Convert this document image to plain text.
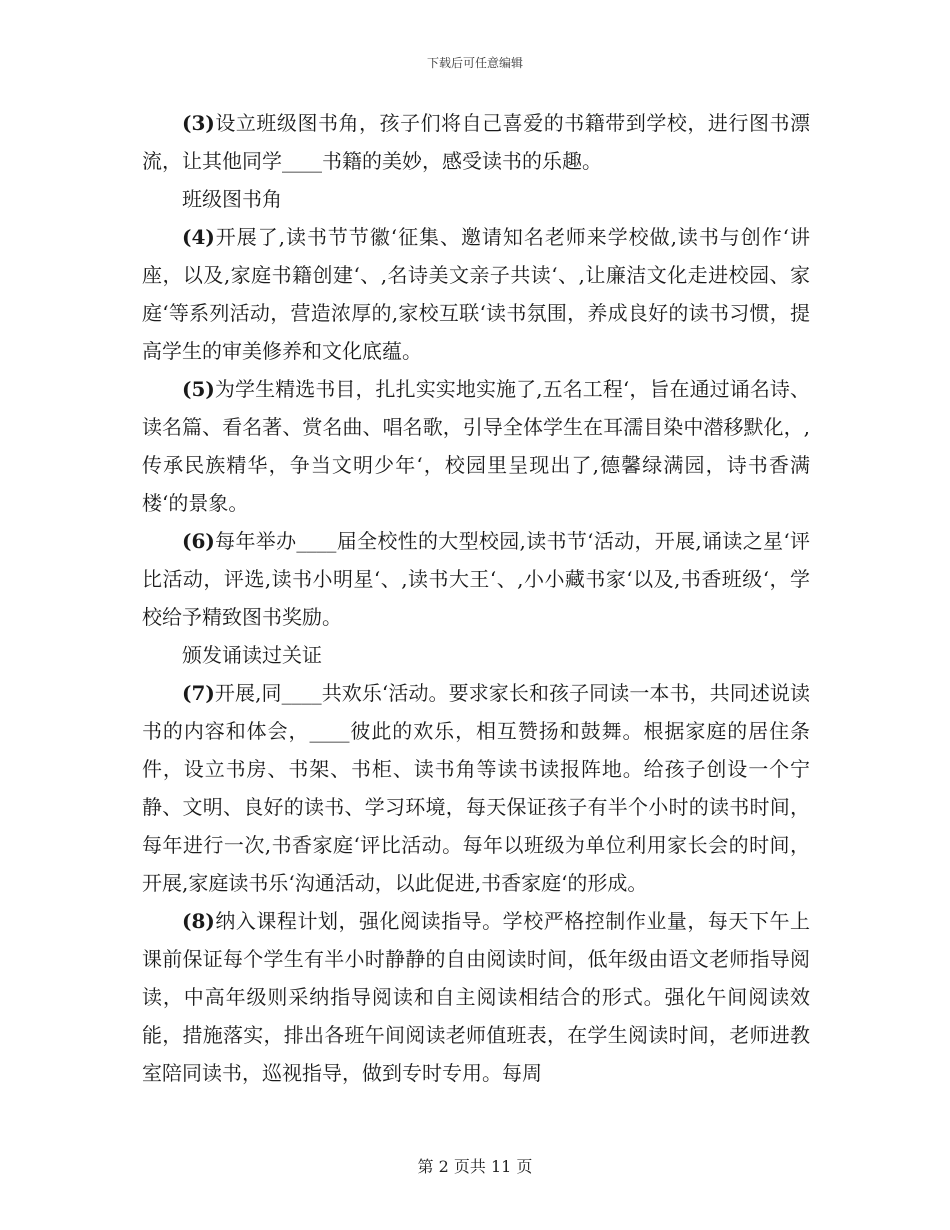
下载后可任意编辑

(3)设立班级图书角，孩子们将自己喜爱的书籍带到学校，进行图书漂流，让其他同学____书籍的美妙，感受读书的乐趣。

班级图书角

(4)开展了,读书节节徽‘征集、邀请知名老师来学校做,读书与创作‘讲座，以及,家庭书籍创建‘、,名诗美文亲子共读‘、,让廉洁文化走进校园、家庭‘等系列活动，营造浓厚的,家校互联‘读书氛围，养成良好的读书习惯，提高学生的审美修养和文化底蕴。

(5)为学生精选书目，扎扎实实地实施了,五名工程‘，旨在通过诵名诗、读名篇、看名著、赏名曲、唱名歌，引导全体学生在耳濡目染中潜移默化，,传承民族精华，争当文明少年‘，校园里呈现出了,德馨绿满园，诗书香满楼‘的景象。

(6)每年举办____届全校性的大型校园,读书节‘活动，开展,诵读之星‘评比活动，评选,读书小明星‘、,读书大王‘、,小小藏书家‘以及,书香班级‘，学校给予精致图书奖励。

颁发诵读过关证

(7)开展,同____共欢乐‘活动。要求家长和孩子同读一本书，共同述说读书的内容和体会，____彼此的欢乐，相互赞扬和鼓舞。根据家庭的居住条件，设立书房、书架、书柜、读书角等读书读报阵地。给孩子创设一个宁静、文明、良好的读书、学习环境，每天保证孩子有半个小时的读书时间，每年进行一次,书香家庭‘评比活动。每年以班级为单位利用家长会的时间，开展,家庭读书乐‘沟通活动，以此促进,书香家庭‘的形成。

(8)纳入课程计划，强化阅读指导。学校严格控制作业量，每天下午上课前保证每个学生有半小时静静的自由阅读时间，低年级由语文老师指导阅读，中高年级则采纳指导阅读和自主阅读相结合的形式。强化午间阅读效能，措施落实，排出各班午间阅读老师值班表，在学生阅读时间，老师进教室陪同读书，巡视指导，做到专时专用。每周

第 2 页共 11 页
